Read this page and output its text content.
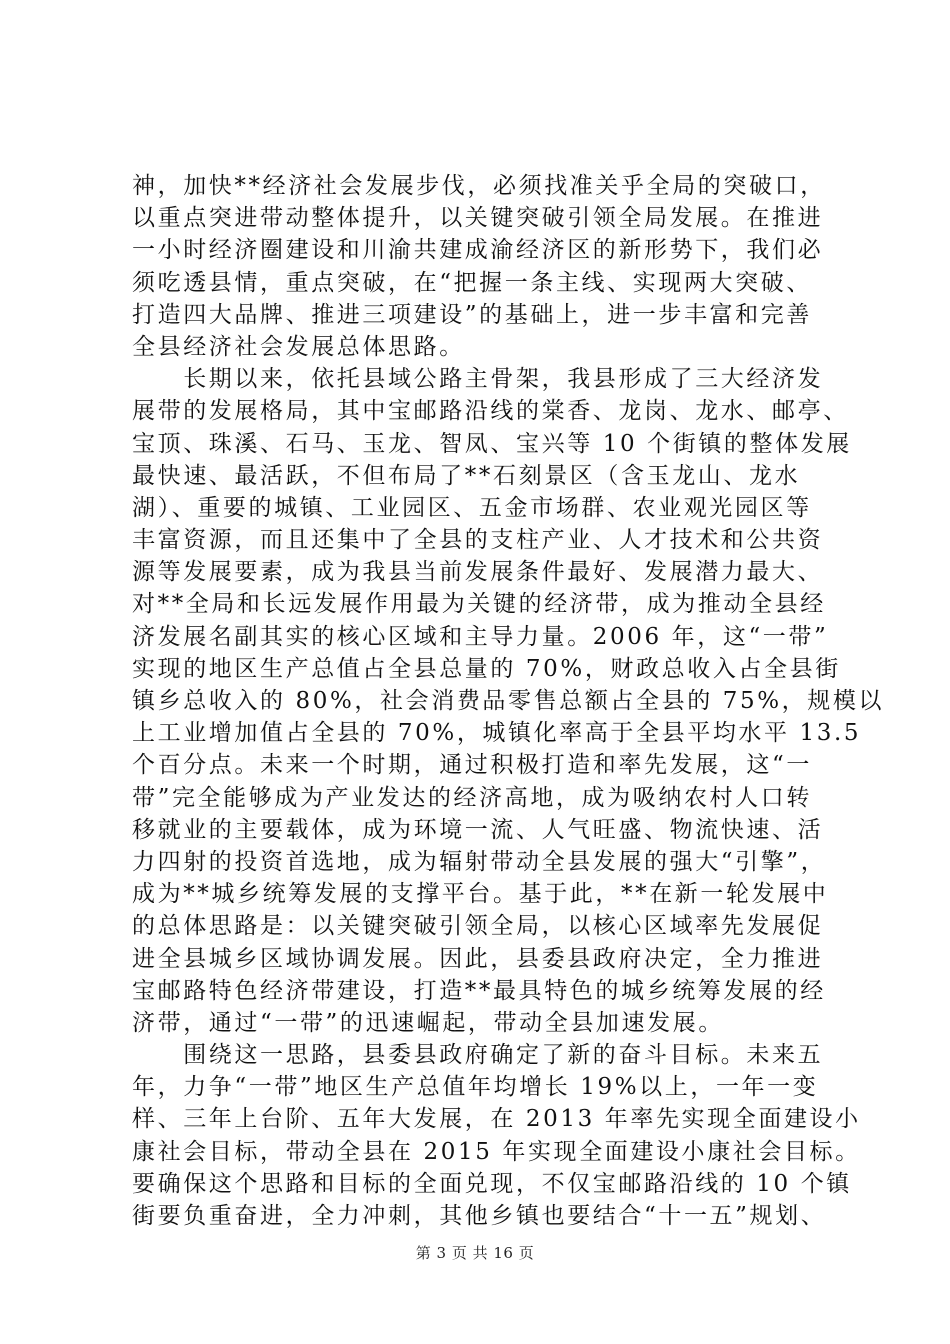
神，加快**经济社会发展步伐，必须找准关乎全局的突破口，
以重点突进带动整体提升，以关键突破引领全局发展。在推进
一小时经济圈建设和川渝共建成渝经济区的新形势下，我们必
须吃透县情，重点突破，在“把握一条主线、实现两大突破、
打造四大品牌、推进三项建设”的基础上，进一步丰富和完善
全县经济社会发展总体思路。
　　长期以来，依托县域公路主骨架，我县形成了三大经济发
展带的发展格局，其中宝邮路沿线的棠香、龙岗、龙水、邮亭、
宝顶、珠溪、石马、玉龙、智凤、宝兴等 10 个街镇的整体发展
最快速、最活跃，不但布局了**石刻景区（含玉龙山、龙水
湖）、重要的城镇、工业园区、五金市场群、农业观光园区等
丰富资源，而且还集中了全县的支柱产业、人才技术和公共资
源等发展要素，成为我县当前发展条件最好、发展潜力最大、
对**全局和长远发展作用最为关键的经济带，成为推动全县经
济发展名副其实的核心区域和主导力量。2006 年，这“一带”
实现的地区生产总值占全县总量的 70%，财政总收入占全县街
镇乡总收入的 80%，社会消费品零售总额占全县的 75%，规模以
上工业增加值占全县的 70%，城镇化率高于全县平均水平 13.5
个百分点。未来一个时期，通过积极打造和率先发展，这“一
带”完全能够成为产业发达的经济高地，成为吸纳农村人口转
移就业的主要载体，成为环境一流、人气旺盛、物流快速、活
力四射的投资首选地，成为辐射带动全县发展的强大“引擎”，
成为**城乡统筹发展的支撑平台。基于此，**在新一轮发展中
的总体思路是：以关键突破引领全局，以核心区域率先发展促
进全县城乡区域协调发展。因此，县委县政府决定，全力推进
宝邮路特色经济带建设，打造**最具特色的城乡统筹发展的经
济带，通过“一带”的迅速崛起，带动全县加速发展。
　　围绕这一思路，县委县政府确定了新的奋斗目标。未来五
年，力争“一带”地区生产总值年均增长 19%以上，一年一变
样、三年上台阶、五年大发展，在 2013 年率先实现全面建设小
康社会目标，带动全县在 2015 年实现全面建设小康社会目标。
要确保这个思路和目标的全面兑现，不仅宝邮路沿线的 10 个镇
街要负重奋进，全力冲刺，其他乡镇也要结合“十一五”规划、
第 3 页 共 16 页
